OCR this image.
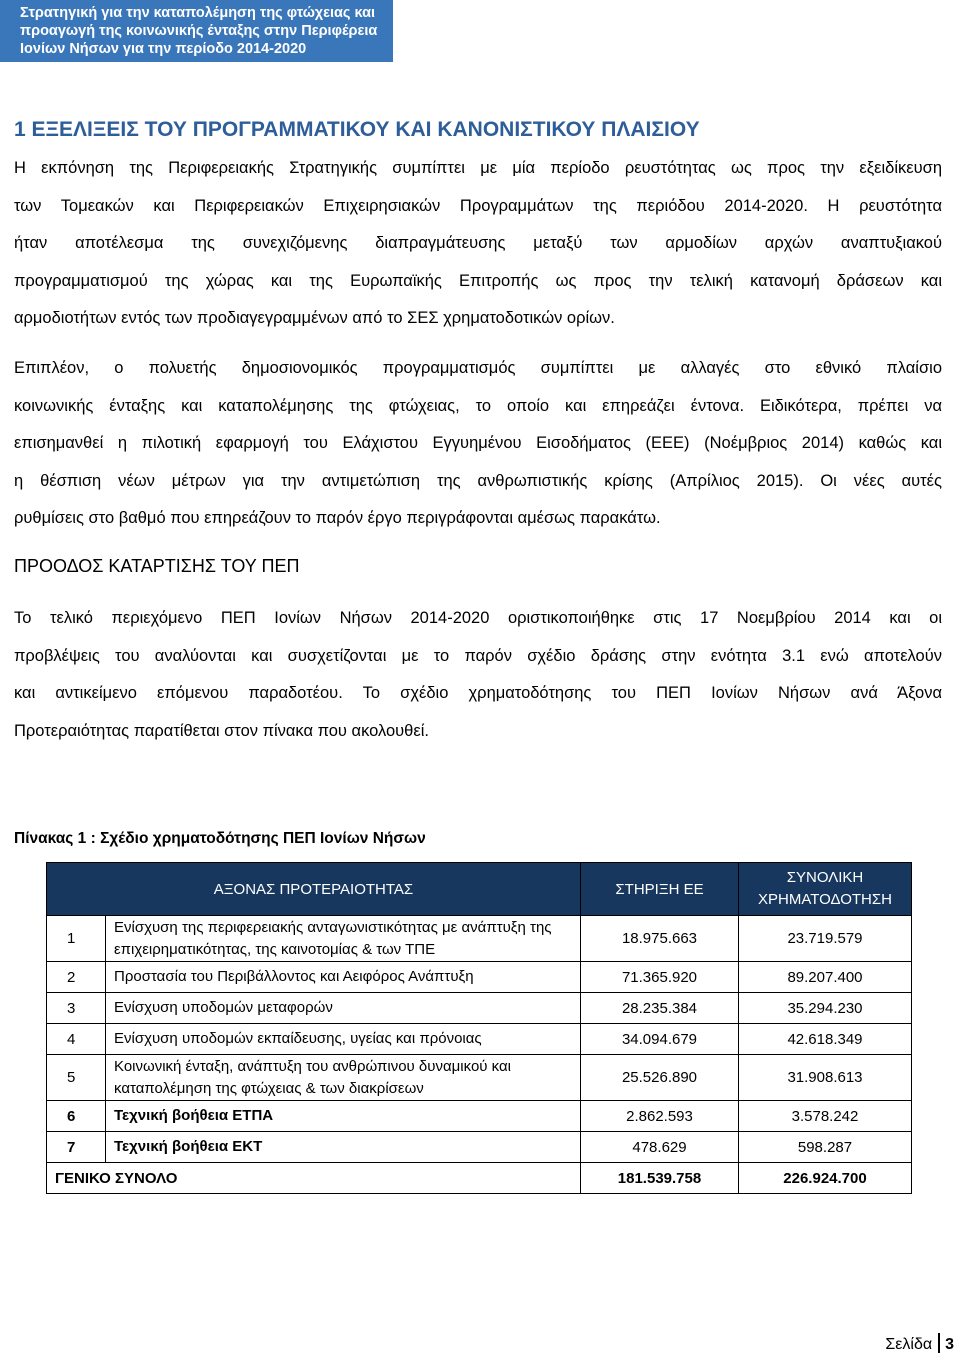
Στρατηγική για την καταπολέμηση της φτώχειας και
προαγωγή της κοινωνικής ένταξης στην Περιφέρεια
Ιονίων Νήσων για την περίοδο 2014-2020
1 ΕΞΕΛΙΞΕΙΣ ΤΟΥ ΠΡΟΓΡΑΜΜΑΤΙΚΟΥ ΚΑΙ ΚΑΝΟΝΙΣΤΙΚΟΥ ΠΛΑΙΣΙΟΥ
Η εκπόνηση της Περιφερειακής Στρατηγικής συμπίπτει με μία περίοδο ρευστότητας ως προς την εξειδίκευση
των Τομεακών και Περιφερειακών Επιχειρησιακών Προγραμμάτων της περιόδου 2014-2020. Η ρευστότητα
ήταν αποτέλεσμα της συνεχιζόμενης διαπραγμάτευσης μεταξύ των αρμοδίων αρχών αναπτυξιακού
προγραμματισμού της χώρας και της Ευρωπαϊκής Επιτροπής ως προς την τελική κατανομή δράσεων και
αρμοδιοτήτων εντός των προδιαγεγραμμένων από το ΣΕΣ χρηματοδοτικών ορίων.
Επιπλέον, ο πολυετής δημοσιονομικός προγραμματισμός συμπίπτει με αλλαγές στο εθνικό πλαίσιο
κοινωνικής ένταξης και καταπολέμησης της φτώχειας, το οποίο και επηρεάζει έντονα. Ειδικότερα, πρέπει να
επισημανθεί η πιλοτική εφαρμογή του Ελάχιστου Εγγυημένου Εισοδήματος (ΕΕΕ) (Νοέμβριος 2014) καθώς και
η θέσπιση νέων μέτρων για την αντιμετώπιση της ανθρωπιστικής κρίσης (Απρίλιος 2015). Οι νέες αυτές
ρυθμίσεις στο βαθμό που επηρεάζουν το παρόν έργο περιγράφονται αμέσως παρακάτω.
ΠΡΟΟΔΟΣ ΚΑΤΑΡΤΙΣΗΣ ΤΟΥ ΠΕΠ
Το τελικό περιεχόμενο ΠΕΠ Ιονίων Νήσων 2014-2020 οριστικοποιήθηκε στις 17 Νοεμβρίου 2014 και οι
προβλέψεις του αναλύονται και συσχετίζονται με το παρόν σχέδιο δράσης στην ενότητα 3.1 ενώ αποτελούν
και αντικείμενο επόμενου παραδοτέου. Το σχέδιο χρηματοδότησης του ΠΕΠ Ιονίων Νήσων ανά Άξονα
Προτεραιότητας παρατίθεται στον πίνακα που ακολουθεί.
Πίνακας 1 : Σχέδιο χρηματοδότησης ΠΕΠ Ιονίων Νήσων
ΑΞΟΝΑΣ ΠΡΟΤΕΡΑΙΟΤΗΤΑΣ		ΣΤΗΡΙΞΗ ΕΕ	ΣΥΝΟΛΙΚΗ
ΧΡΗΜΑΤΟΔΟΤΗΣΗ
1	Ενίσχυση της περιφερειακής ανταγωνιστικότητας με ανάπτυξη της επιχειρηματικότητας, της καινοτομίας & των ΤΠΕ	18.975.663	23.719.579
2	Προστασία του Περιβάλλοντος και Αειφόρος Ανάπτυξη	71.365.920	89.207.400
3	Ενίσχυση υποδομών μεταφορών	28.235.384	35.294.230
4	Ενίσχυση υποδομών εκπαίδευσης, υγείας και πρόνοιας	34.094.679	42.618.349
5	Κοινωνική ένταξη, ανάπτυξη του ανθρώπινου δυναμικού και καταπολέμηση της φτώχειας & των διακρίσεων	25.526.890	31.908.613
6	Τεχνική βοήθεια ΕΤΠΑ	2.862.593	3.578.242
7	Τεχνική βοήθεια ΕΚΤ	478.629	598.287
ΓΕΝΙΚΟ ΣΥΝΟΛΟ		181.539.758	226.924.700
Σελίδα 3
